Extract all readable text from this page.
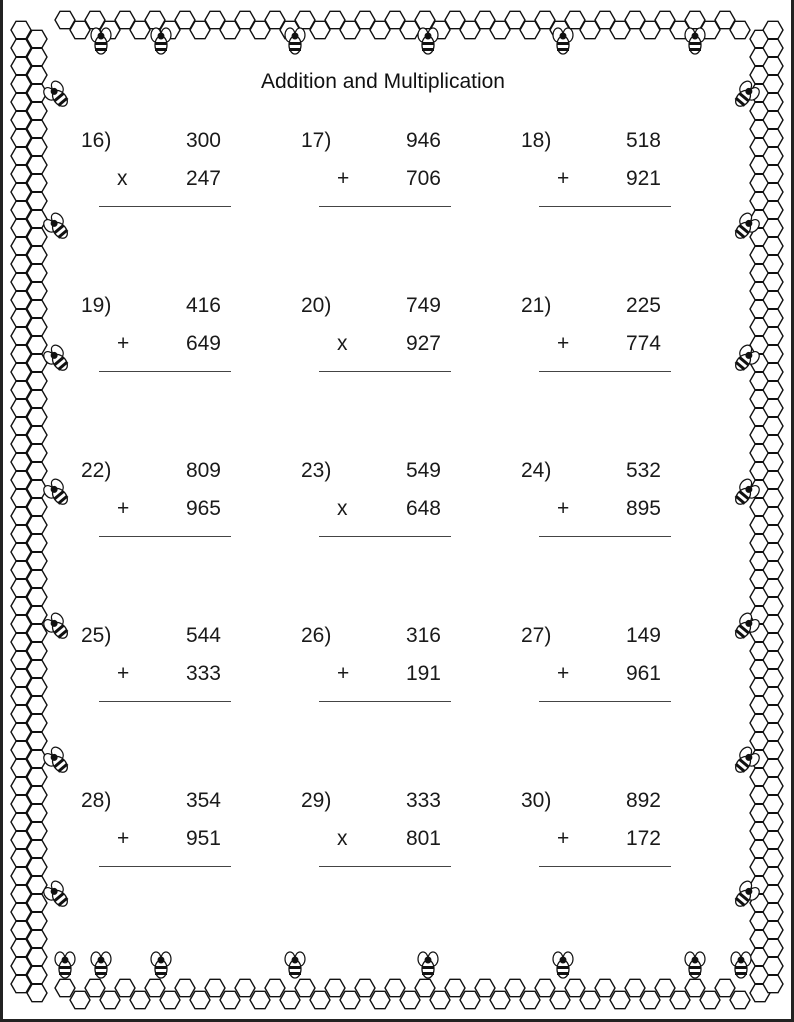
Addition and Multiplication
16)	300
x	247
17)	946
+	706
18)	518
+	921
19)	416
+	649
20)	749
x	927
21)	225
+	774
22)	809
+	965
23)	549
x	648
24)	532
+	895
25)	544
+	333
26)	316
+	191
27)	149
+	961
28)	354
+	951
29)	333
x	801
30)	892
+	172
